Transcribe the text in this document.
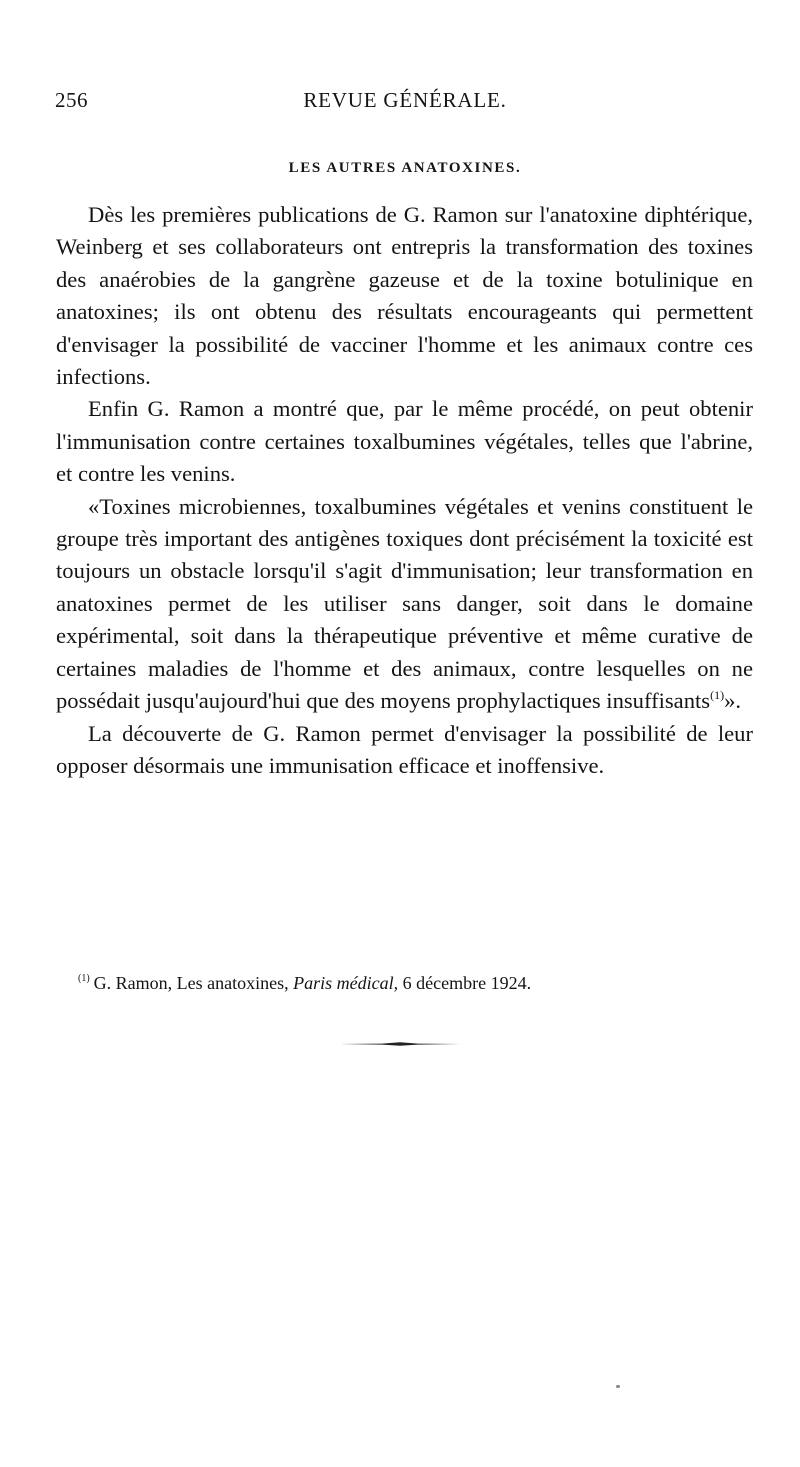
256	REVUE GÉNÉRALE.
LES AUTRES ANATOXINES.

Dès les premières publications de G. Ramon sur l'anatoxine diphtérique, Weinberg et ses collaborateurs ont entrepris la transformation des toxines des anaérobies de la gangrène gazeuse et de la toxine botulinique en anatoxines; ils ont obtenu des résultats encourageants qui permettent d'envisager la possibilité de vacciner l'homme et les animaux contre ces infections.

Enfin G. Ramon a montré que, par le même procédé, on peut obtenir l'immunisation contre certaines toxalbumines végétales, telles que l'abrine, et contre les venins.

«Toxines microbiennes, toxalbumines végétales et venins constituent le groupe très important des antigènes toxiques dont précisément la toxicité est toujours un obstacle lorsqu'il s'agit d'immunisation; leur transformation en anatoxines permet de les utiliser sans danger, soit dans le domaine expérimental, soit dans la thérapeutique préventive et même curative de certaines maladies de l'homme et des animaux, contre lesquelles on ne possédait jusqu'aujourd'hui que des moyens prophylactiques insuffisants$^{(1)}$».

La découverte de G. Ramon permet d'envisager la possibilité de leur opposer désormais une immunisation efficace et inoffensive.

$^{(1)}$ G. Ramon, Les anatoxines, Paris médical, 6 décembre 1924.
